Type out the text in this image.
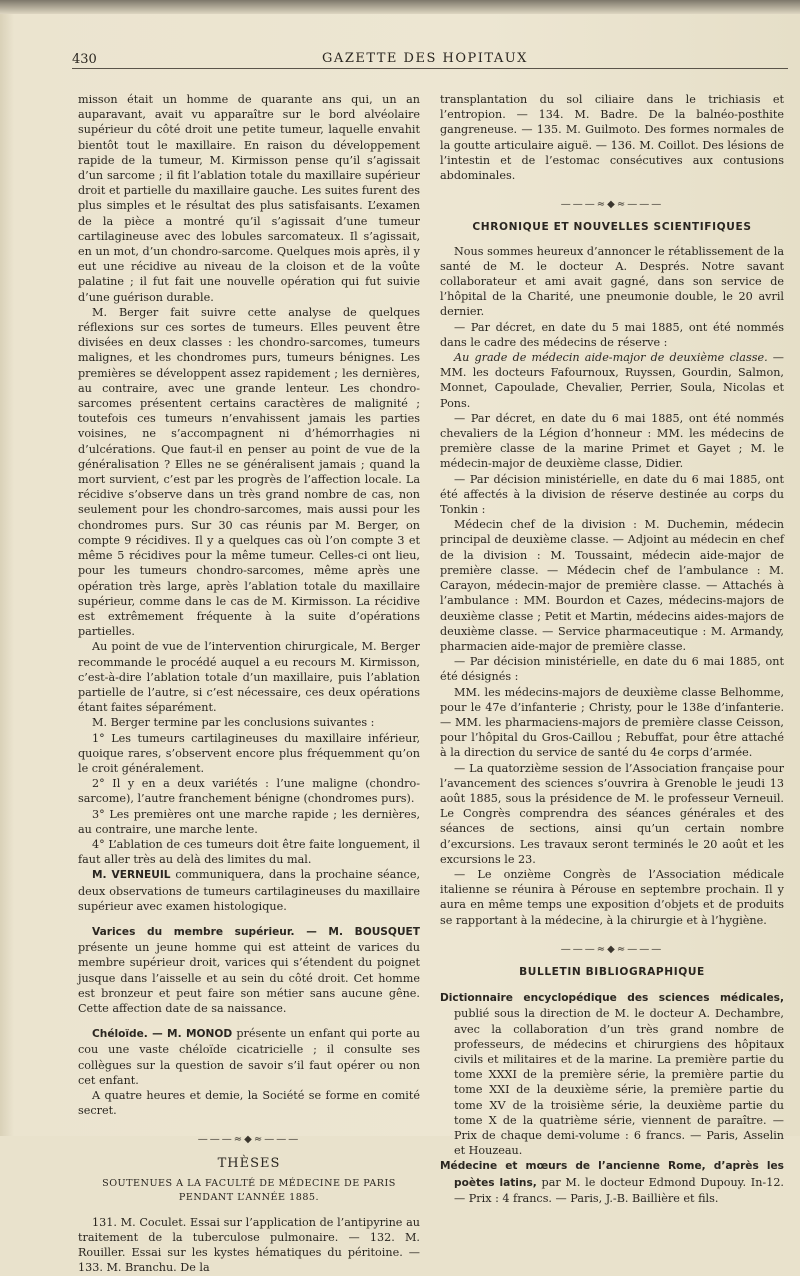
430	GAZETTE DES HOPITAUX

misson était un homme de quarante ans qui, un an auparavant, avait vu apparaître sur le bord alvéolaire supérieur du côté droit une petite tumeur, laquelle envahit bientôt tout le maxillaire. En raison du développement rapide de la tumeur, M. Kirmisson pense qu’il s’agissait d’un sarcome ; il fit l’ablation totale du maxillaire supérieur droit et partielle du maxillaire gauche. Les suites furent des plus simples et le résultat des plus satisfaisants. L’examen de la pièce a montré qu’il s’agissait d’une tumeur cartilagineuse avec des lobules sarcomateux. Il s’agissait, en un mot, d’un chondro-sarcome. Quelques mois après, il y eut une récidive au niveau de la cloison et de la voûte palatine ; il fut fait une nouvelle opération qui fut suivie d’une guérison durable.

M. Berger fait suivre cette analyse de quelques réflexions sur ces sortes de tumeurs. Elles peuvent être divisées en deux classes : les chondro-sarcomes, tumeurs malignes, et les chondromes purs, tumeurs bénignes. Les premières se développent assez rapidement ; les dernières, au contraire, avec une grande lenteur. Les chondro-sarcomes présentent certains caractères de malignité ; toutefois ces tumeurs n’envahissent jamais les parties voisines, ne s’accompagnent ni d’hémorrhagies ni d’ulcérations. Que faut-il en penser au point de vue de la généralisation ? Elles ne se généralisent jamais ; quand la mort survient, c’est par les progrès de l’affection locale. La récidive s’observe dans un très grand nombre de cas, non seulement pour les chondro-sarcomes, mais aussi pour les chondromes purs. Sur 30 cas réunis par M. Berger, on compte 9 récidives. Il y a quelques cas où l’on compte 3 et même 5 récidives pour la même tumeur. Celles-ci ont lieu, pour les tumeurs chondro-sarcomes, même après une opération très large, après l’ablation totale du maxillaire supérieur, comme dans le cas de M. Kirmisson. La récidive est extrêmement fréquente à la suite d’opérations partielles.

Au point de vue de l’intervention chirurgicale, M. Berger recommande le procédé auquel a eu recours M. Kirmisson, c’est-à-dire l’ablation totale d’un maxillaire, puis l’ablation partielle de l’autre, si c’est nécessaire, ces deux opérations étant faites séparément.

M. Berger termine par les conclusions suivantes :

1° Les tumeurs cartilagineuses du maxillaire inférieur, quoique rares, s’observent encore plus fréquemment qu’on le croit généralement.

2° Il y en a deux variétés : l’une maligne (chondro-sarcome), l’autre franchement bénigne (chondromes purs).

3° Les premières ont une marche rapide ; les dernières, au contraire, une marche lente.

4° L’ablation de ces tumeurs doit être faite longuement, il faut aller très au delà des limites du mal.

M. VERNEUIL communiquera, dans la prochaine séance, deux observations de tumeurs cartilagineuses du maxillaire supérieur avec examen histologique.

Varices du membre supérieur. — M. BOUSQUET présente un jeune homme qui est atteint de varices du membre supérieur droit, varices qui s’étendent du poignet jusque dans l’aisselle et au sein du côté droit. Cet homme est bronzeur et peut faire son métier sans aucune gêne. Cette affection date de sa naissance.

Chéloïde. — M. MONOD présente un enfant qui porte au cou une vaste chéloïde cicatricielle ; il consulte ses collègues sur la question de savoir s’il faut opérer ou non cet enfant.

A quatre heures et demie, la Société se forme en comité secret.

———≈◆≈———
THÈSES
SOUTENUES A LA FACULTÉ DE MÉDECINE DE PARIS
PENDANT L’ANNÉE 1885.

131. M. Coculet. Essai sur l’application de l’antipyrine au traitement de la tuberculose pulmonaire. — 132. M. Rouiller. Essai sur les kystes hématiques du péritoine. — 133. M. Branchu. De la

transplantation du sol ciliaire dans le trichiasis et l’entropion. — 134. M. Badre. De la balnéo-posthite gangreneuse. — 135. M. Guilmoto. Des formes normales de la goutte articulaire aiguë. — 136. M. Coillot. Des lésions de l’intestin et de l’estomac consécutives aux contusions abdominales.

———≈◆≈———
CHRONIQUE ET NOUVELLES SCIENTIFIQUES

Nous sommes heureux d’annoncer le rétablissement de la santé de M. le docteur A. Després. Notre savant collaborateur et ami avait gagné, dans son service de l’hôpital de la Charité, une pneumonie double, le 20 avril dernier.

— Par décret, en date du 5 mai 1885, ont été nommés dans le cadre des médecins de réserve :

Au grade de médecin aide-major de deuxième classe. — MM. les docteurs Fafournoux, Ruyssen, Gourdin, Salmon, Monnet, Capoulade, Chevalier, Perrier, Soula, Nicolas et Pons.

— Par décret, en date du 6 mai 1885, ont été nommés chevaliers de la Légion d’honneur : MM. les médecins de première classe de la marine Primet et Gayet ; M. le médecin-major de deuxième classe, Didier.

— Par décision ministérielle, en date du 6 mai 1885, ont été affectés à la division de réserve destinée au corps du Tonkin :

Médecin chef de la division : M. Duchemin, médecin principal de deuxième classe. — Adjoint au médecin en chef de la division : M. Toussaint, médecin aide-major de première classe. — Médecin chef de l’ambulance : M. Carayon, médecin-major de première classe. — Attachés à l’ambulance : MM. Bourdon et Cazes, médecins-majors de deuxième classe ; Petit et Martin, médecins aides-majors de deuxième classe. — Service pharmaceutique : M. Armandy, pharmacien aide-major de première classe.

— Par décision ministérielle, en date du 6 mai 1885, ont été désignés :

MM. les médecins-majors de deuxième classe Belhomme, pour le 47e d’infanterie ; Christy, pour le 138e d’infanterie. — MM. les pharmaciens-majors de première classe Ceisson, pour l’hôpital du Gros-Caillou ; Rebuffat, pour être attaché à la direction du service de santé du 4e corps d’armée.

— La quatorzième session de l’Association française pour l’avancement des sciences s’ouvrira à Grenoble le jeudi 13 août 1885, sous la présidence de M. le professeur Verneuil. Le Congrès comprendra des séances générales et des séances de sections, ainsi qu’un certain nombre d’excursions. Les travaux seront terminés le 20 août et les excursions le 23.

— Le onzième Congrès de l’Association médicale italienne se réunira à Pérouse en septembre prochain. Il y aura en même temps une exposition d’objets et de produits se rapportant à la médecine, à la chirurgie et à l’hygiène.

———≈◆≈———
BULLETIN BIBLIOGRAPHIQUE

Dictionnaire encyclopédique des sciences médicales, publié sous la direction de M. le docteur A. Dechambre, avec la collaboration d’un très grand nombre de professeurs, de médecins et chirurgiens des hôpitaux civils et militaires et de la marine. La première partie du tome XXXI de la première série, la première partie du tome XXI de la deuxième série, la première partie du tome XV de la troisième série, la deuxième partie du tome X de la quatrième série, viennent de paraître. — Prix de chaque demi-volume : 6 francs. — Paris, Asselin et Houzeau.

Médecine et mœurs de l’ancienne Rome, d’après les poètes latins, par M. le docteur Edmond Dupouy. In-12. — Prix : 4 francs. — Paris, J.-B. Baillière et fils.
